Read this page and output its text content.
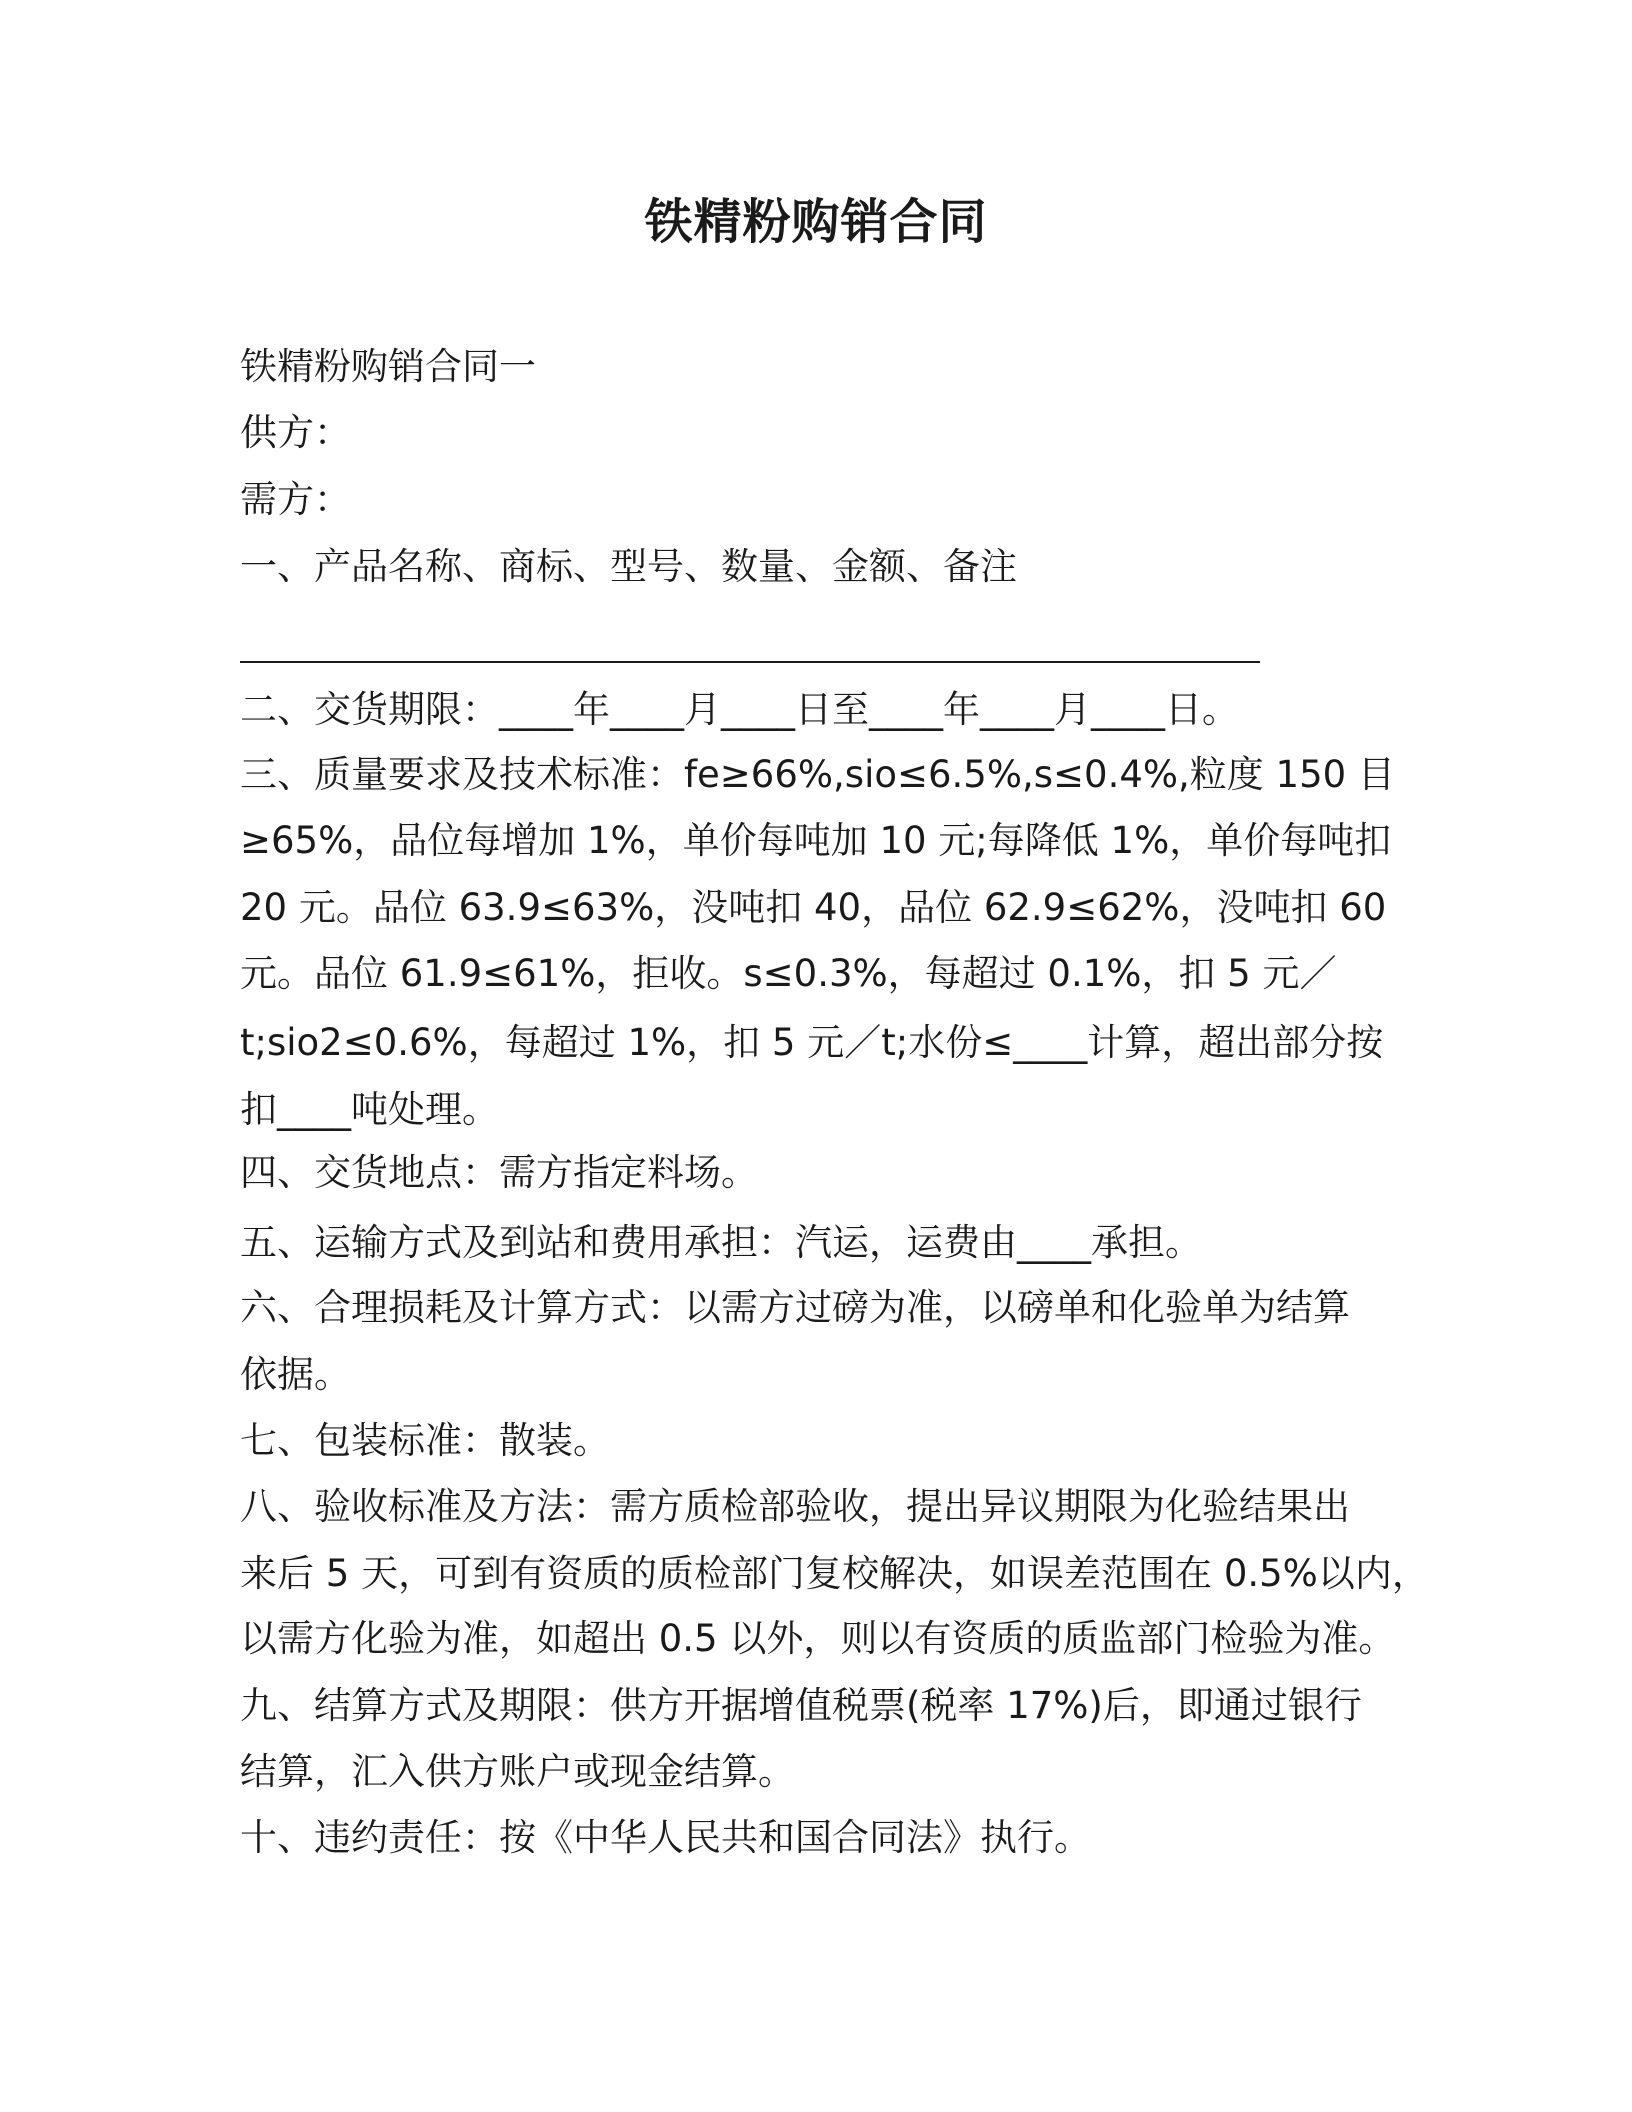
铁精粉购销合同
铁精粉购销合同一
供方：
需方：
一、产品名称、商标、型号、数量、金额、备注
二、交货期限：____年____月____日至____年____月____日。
三、质量要求及技术标准：fe≥66%,sio≤6.5%,s≤0.4%,粒度 150 目
≥65%，品位每增加 1%，单价每吨加 10 元;每降低 1%，单价每吨扣
20 元。品位 63.9≤63%，没吨扣 40，品位 62.9≤62%，没吨扣 60
元。品位 61.9≤61%，拒收。s≤0.3%，每超过 0.1%，扣 5 元／
t;sio2≤0.6%，每超过 1%，扣 5 元／t;水份≤____计算，超出部分按
扣____吨处理。
四、交货地点：需方指定料场。
五、运输方式及到站和费用承担：汽运，运费由____承担。
六、合理损耗及计算方式：以需方过磅为准，以磅单和化验单为结算
依据。
七、包装标准：散装。
八、验收标准及方法：需方质检部验收，提出异议期限为化验结果出
来后 5 天，可到有资质的质检部门复校解决，如误差范围在 0.5%以内，
以需方化验为准，如超出 0.5 以外，则以有资质的质监部门检验为准。
九、结算方式及期限：供方开据增值税票(税率 17%)后，即通过银行
结算，汇入供方账户或现金结算。
十、违约责任：按《中华人民共和国合同法》执行。
